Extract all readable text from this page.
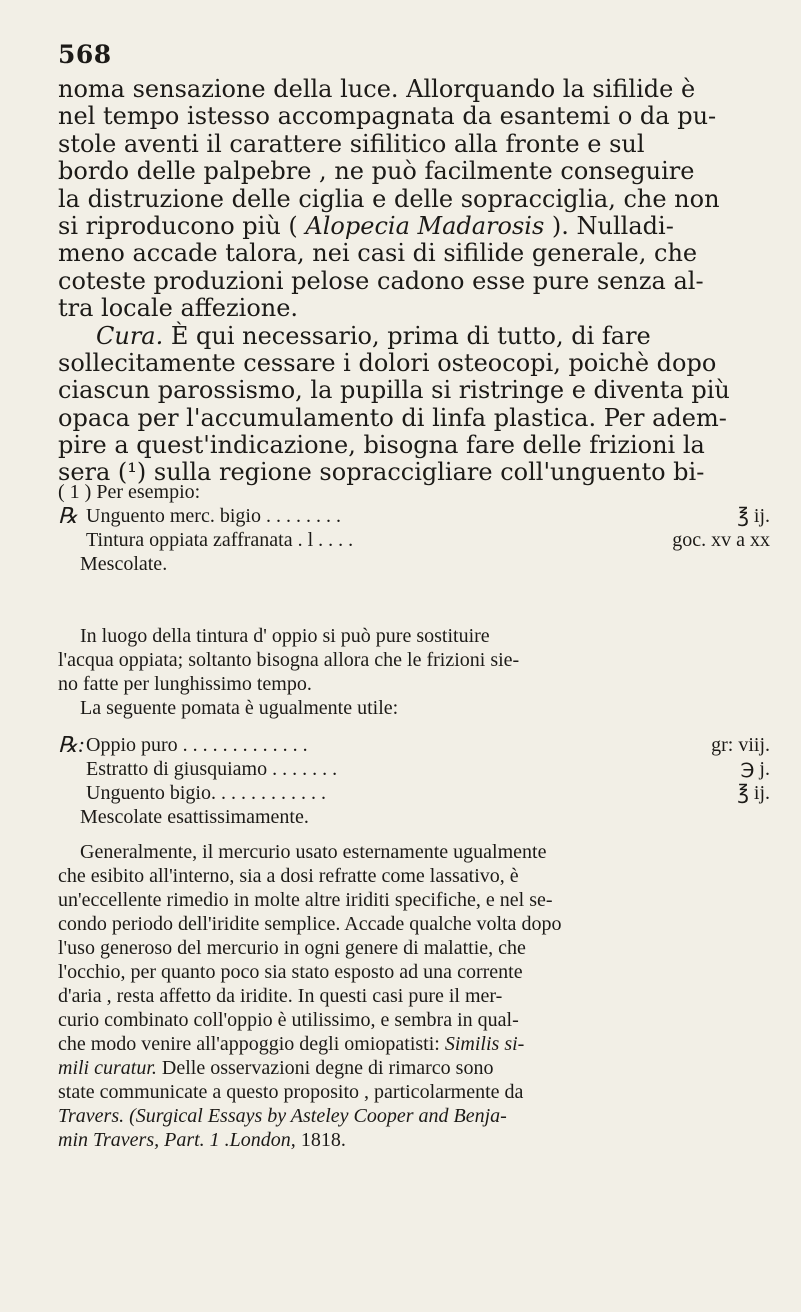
568
noma sensazione della luce. Allorquando la sifilide è
nel tempo istesso accompagnata da esantemi o da pu-
stole aventi il carattere sifilitico alla fronte e sul
bordo delle palpebre , ne può facilmente conseguire
la distruzione delle ciglia e delle sopracciglia, che non
si riproducono più ( Alopecia Madarosis ). Nulladi-
meno accade talora, nei casi di sifilide generale, che
coteste produzioni pelose cadono esse pure senza al-
tra locale affezione.
Cura. È qui necessario, prima di tutto, di fare
sollecitamente cessare i dolori osteocopi, poichè dopo
ciascun parossismo, la pupilla si ristringe e diventa più
opaca per l'accumulamento di linfa plastica. Per adem-
pire a quest'indicazione, bisogna fare delle frizioni la
sera (¹) sulla regione sopraccigliare coll'unguento bi-
( 1 ) Per esempio:
℞ Unguento merc. bigio . . . . . . . .	℥ ij.
Tintura oppiata zaffranata . l . . . .	goc. xv a xx
Mescolate.
In luogo della tintura d' oppio si può pure sostituire
l'acqua oppiata; soltanto bisogna allora che le frizioni sie-
no fatte per lunghissimo tempo.
La seguente pomata è ugualmente utile:
℞: Oppio puro . . . . . . . . . . . . .	gr: viij.
Estratto di giusquiamo . . . . . . .	℈ j.
Unguento bigio. . . . . . . . . . . .	℥ ij.
Mescolate esattissimamente.
Generalmente, il mercurio usato esternamente ugualmente
che esibito all'interno, sia a dosi refratte come lassativo, è
un'eccellente rimedio in molte altre iriditi specifiche, e nel se-
condo periodo dell'iridite semplice. Accade qualche volta dopo
l'uso generoso del mercurio in ogni genere di malattie, che
l'occhio, per quanto poco sia stato esposto ad una corrente
d'aria , resta affetto da iridite. In questi casi pure il mer-
curio combinato coll'oppio è utilissimo, e sembra in qual-
che modo venire all'appoggio degli omiopatisti: Similis si-
mili curatur. Delle osservazioni degne di rimarco sono
state communicate a questo proposito , particolarmente da
Travers. (Surgical Essays by Asteley Cooper and Benja-
min Travers, Part. 1 .London, 1818.
